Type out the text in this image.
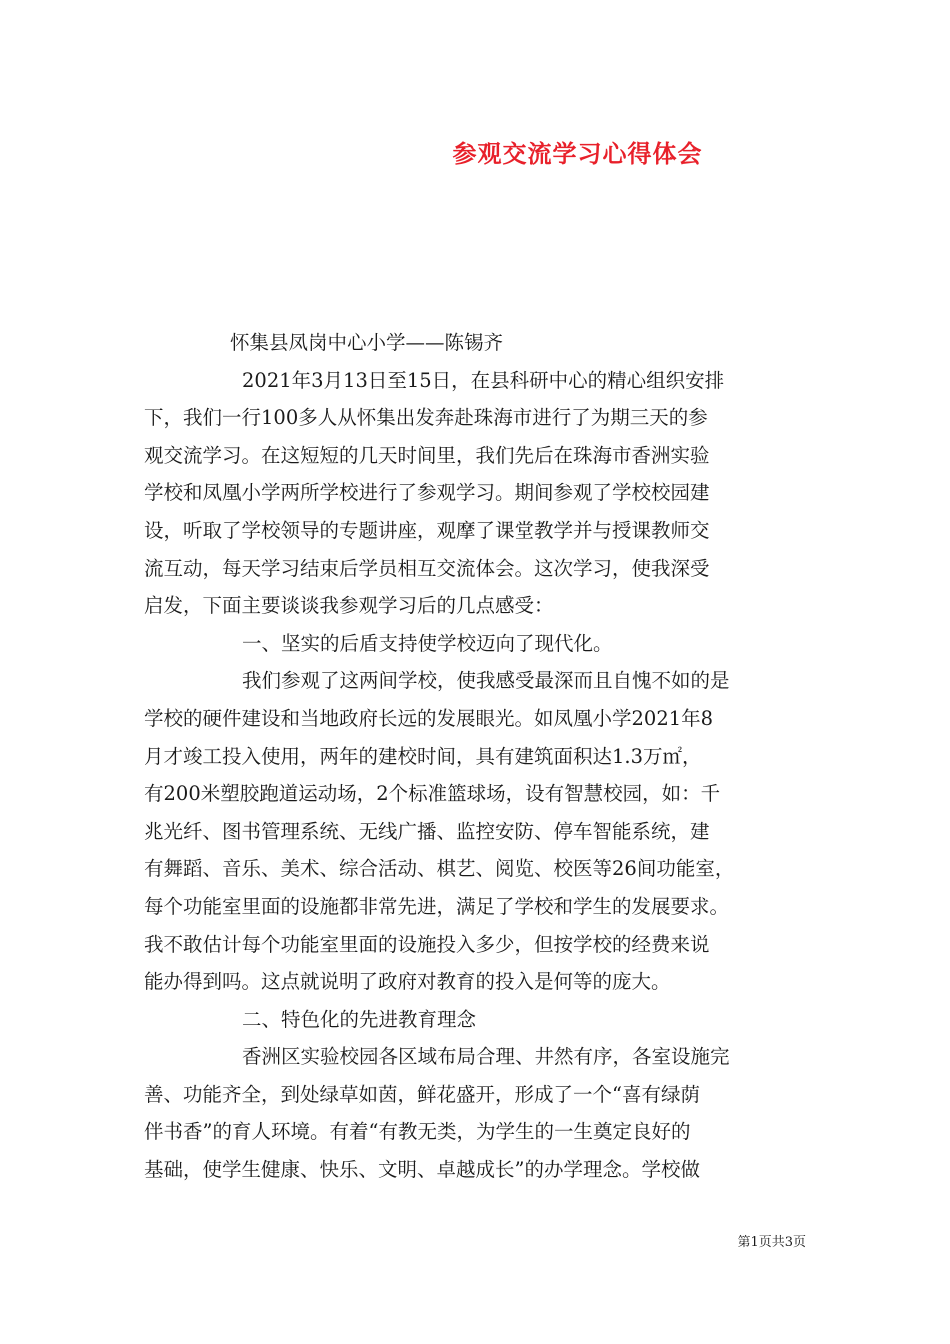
参观交流学习心得体会
怀集县凤岗中心小学——陈锡齐
2021年3月13日至15日，在县科研中心的精心组织安排
下，我们一行100多人从怀集出发奔赴珠海市进行了为期三天的参
观交流学习。在这短短的几天时间里，我们先后在珠海市香洲实验
学校和凤凰小学两所学校进行了参观学习。期间参观了学校校园建
设，听取了学校领导的专题讲座，观摩了课堂教学并与授课教师交
流互动，每天学习结束后学员相互交流体会。这次学习，使我深受
启发，下面主要谈谈我参观学习后的几点感受：
一、坚实的后盾支持使学校迈向了现代化。
我们参观了这两间学校，使我感受最深而且自愧不如的是
学校的硬件建设和当地政府长远的发展眼光。如凤凰小学2021年8
月才竣工投入使用，两年的建校时间，具有建筑面积达1.3万㎡，
有200米塑胶跑道运动场，2个标准篮球场，设有智慧校园，如：千
兆光纤、图书管理系统、无线广播、监控安防、停车智能系统，建
有舞蹈、音乐、美术、综合活动、棋艺、阅览、校医等26间功能室，
每个功能室里面的设施都非常先进，满足了学校和学生的发展要求。
我不敢估计每个功能室里面的设施投入多少，但按学校的经费来说
能办得到吗。这点就说明了政府对教育的投入是何等的庞大。
二、特色化的先进教育理念
香洲区实验校园各区域布局合理、井然有序，各室设施完
善、功能齐全，到处绿草如茵，鲜花盛开，形成了一个“喜有绿荫
伴书香”的育人环境。有着“有教无类，为学生的一生奠定良好的
基础，使学生健康、快乐、文明、卓越成长”的办学理念。学校做
第1页共3页
